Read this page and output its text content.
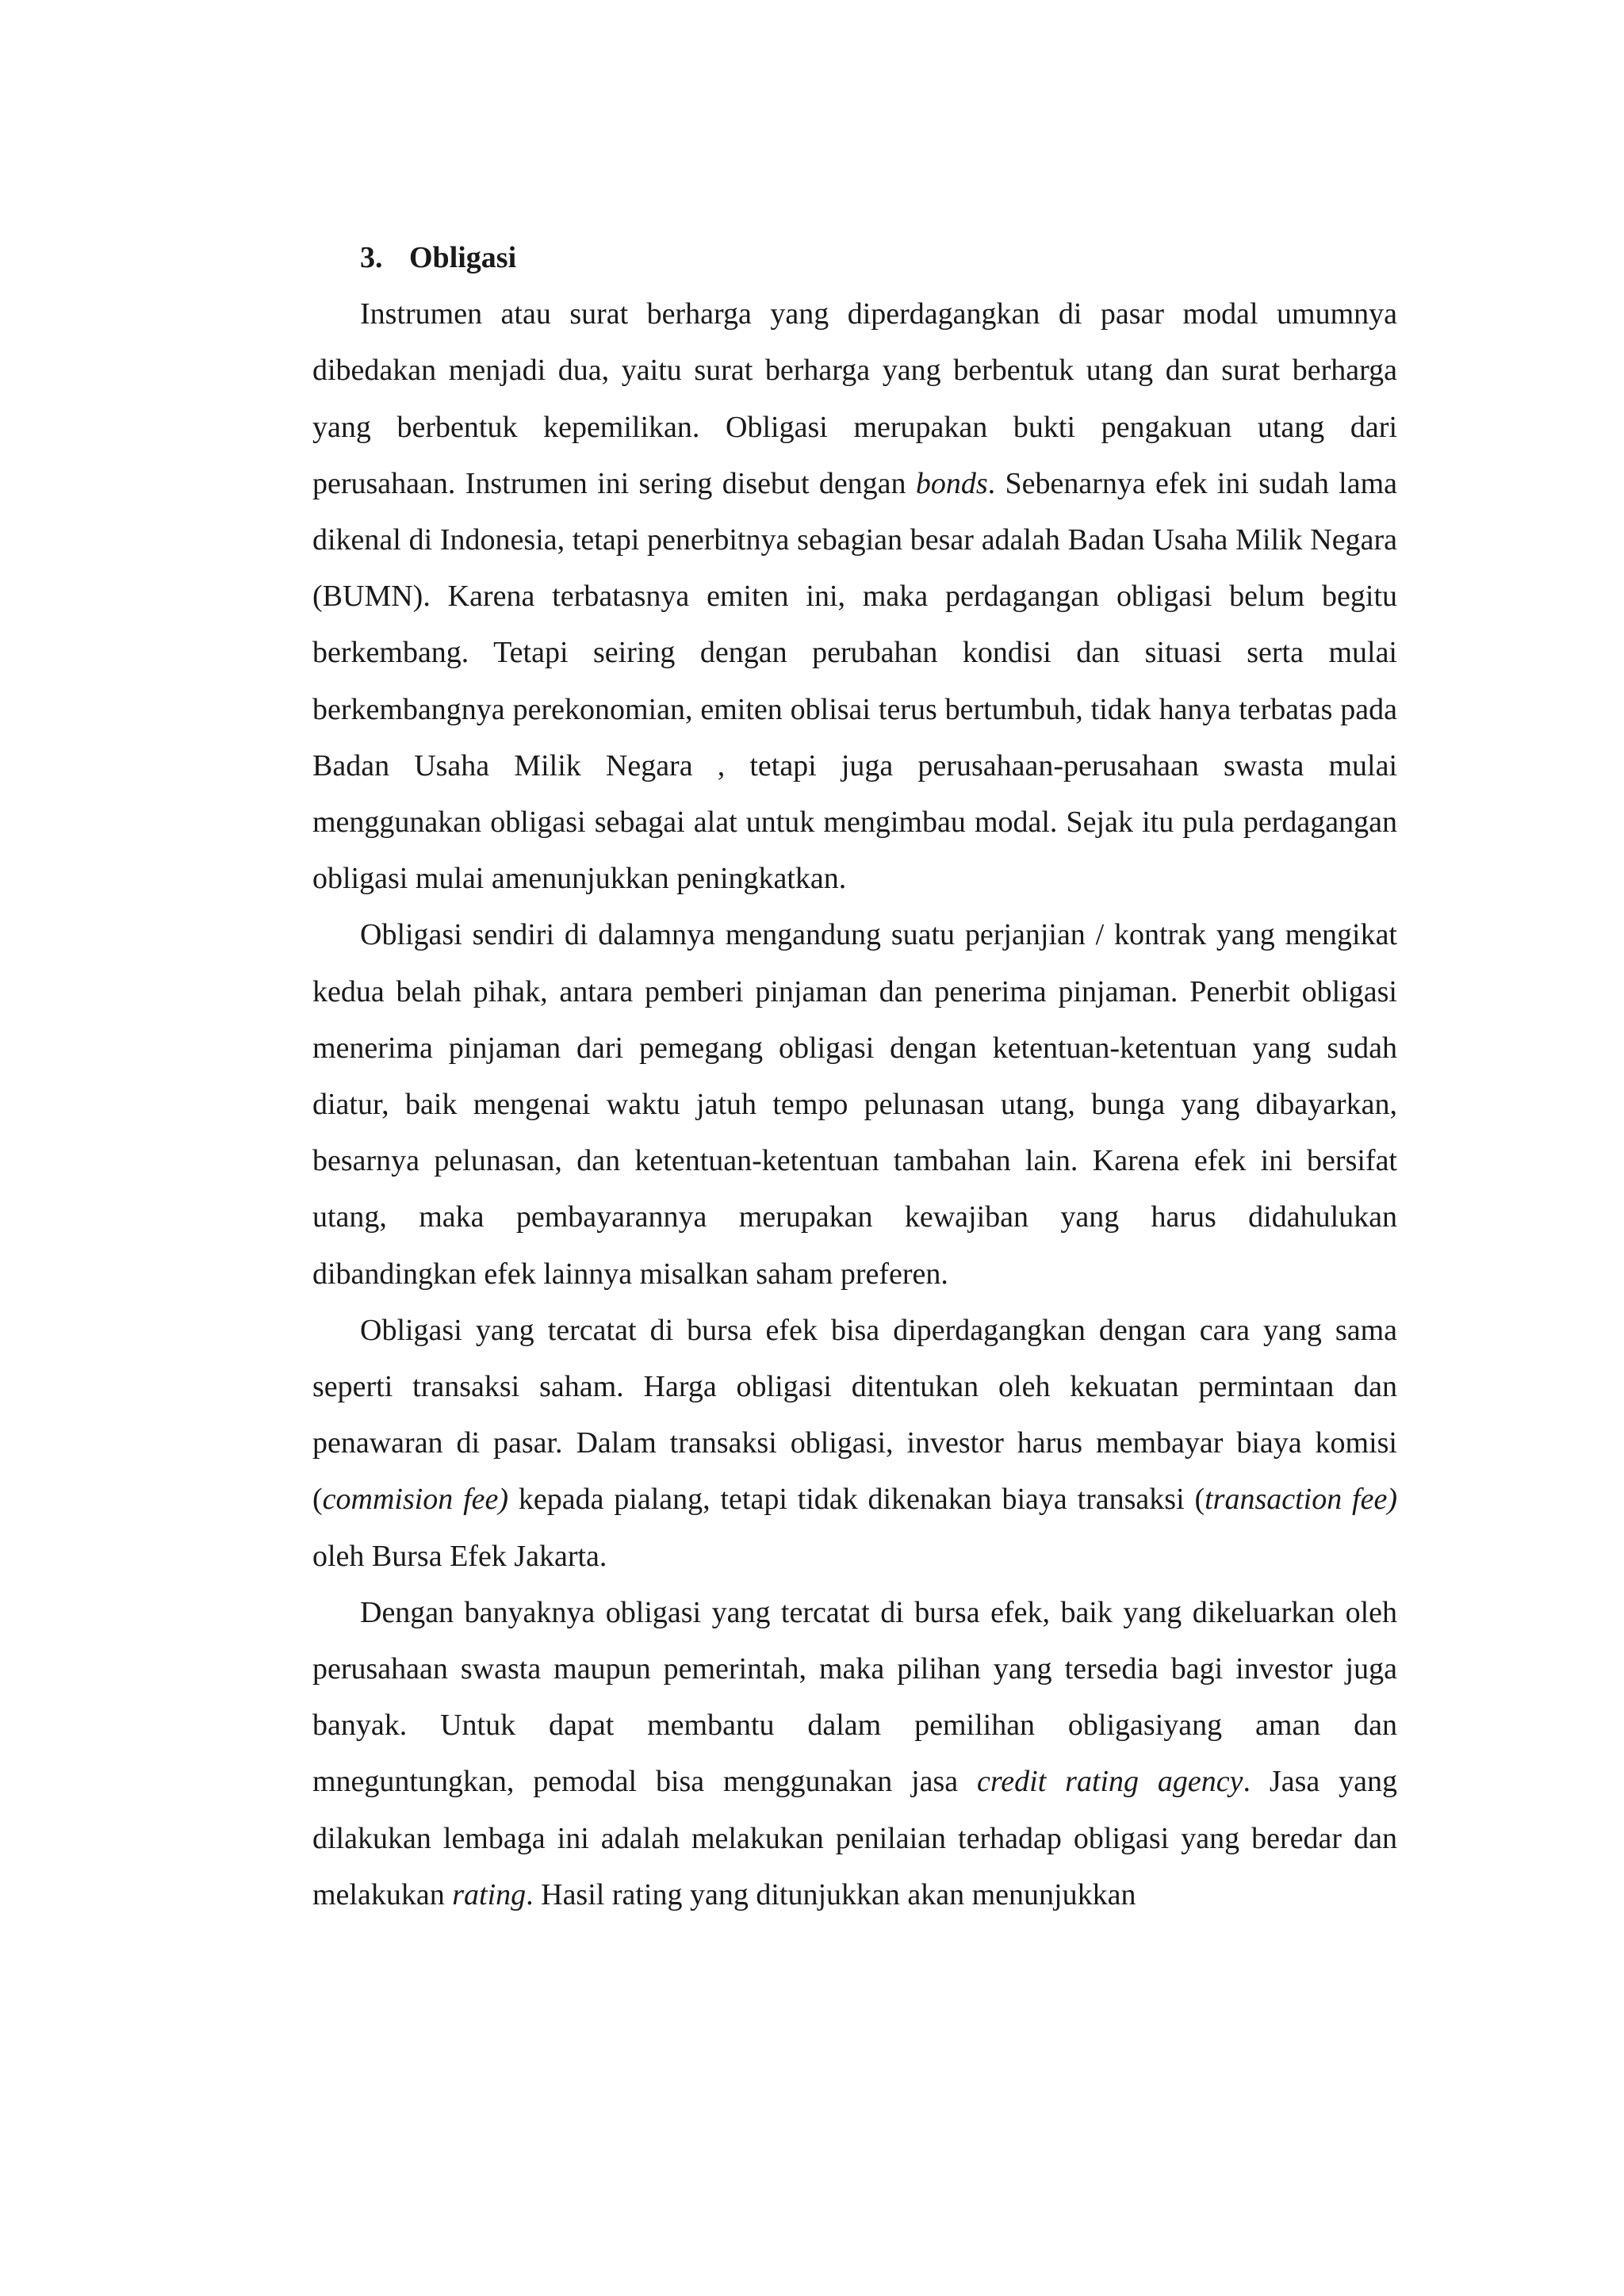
3. Obligasi

Instrumen atau surat berharga yang diperdagangkan di pasar modal umumnya dibedakan menjadi dua, yaitu surat berharga yang berbentuk utang dan surat berharga yang berbentuk kepemilikan. Obligasi merupakan bukti pengakuan utang dari perusahaan. Instrumen ini sering disebut dengan bonds. Sebenarnya efek ini sudah lama dikenal di Indonesia, tetapi penerbitnya sebagian besar adalah Badan Usaha Milik Negara (BUMN). Karena terbatasnya emiten ini, maka perdagangan obligasi belum begitu berkembang. Tetapi seiring dengan perubahan kondisi dan situasi serta mulai berkembangnya perekonomian, emiten oblisai terus bertumbuh, tidak hanya terbatas pada Badan Usaha Milik Negara , tetapi juga perusahaan-perusahaan swasta mulai menggunakan obligasi sebagai alat untuk mengimbau modal. Sejak itu pula perdagangan obligasi mulai amenunjukkan peningkatkan.

Obligasi sendiri di dalamnya mengandung suatu perjanjian / kontrak yang mengikat kedua belah pihak, antara pemberi pinjaman dan penerima pinjaman. Penerbit obligasi menerima pinjaman dari pemegang obligasi dengan ketentuan-ketentuan yang sudah diatur, baik mengenai waktu jatuh tempo pelunasan utang, bunga yang dibayarkan, besarnya pelunasan, dan ketentuan-ketentuan tambahan lain. Karena efek ini bersifat utang, maka pembayarannya merupakan kewajiban yang harus didahulukan dibandingkan efek lainnya misalkan saham preferen.

Obligasi yang tercatat di bursa efek bisa diperdagangkan dengan cara yang sama seperti transaksi saham. Harga obligasi ditentukan oleh kekuatan permintaan dan penawaran di pasar. Dalam transaksi obligasi, investor harus membayar biaya komisi (commision fee) kepada pialang, tetapi tidak dikenakan biaya transaksi (transaction fee) oleh Bursa Efek Jakarta.

Dengan banyaknya obligasi yang tercatat di bursa efek, baik yang dikeluarkan oleh perusahaan swasta maupun pemerintah, maka pilihan yang tersedia bagi investor juga banyak. Untuk dapat membantu dalam pemilihan obligasiyang aman dan mneguntungkan, pemodal bisa menggunakan jasa credit rating agency. Jasa yang dilakukan lembaga ini adalah melakukan penilaian terhadap obligasi yang beredar dan melakukan rating. Hasil rating yang ditunjukkan akan menunjukkan
